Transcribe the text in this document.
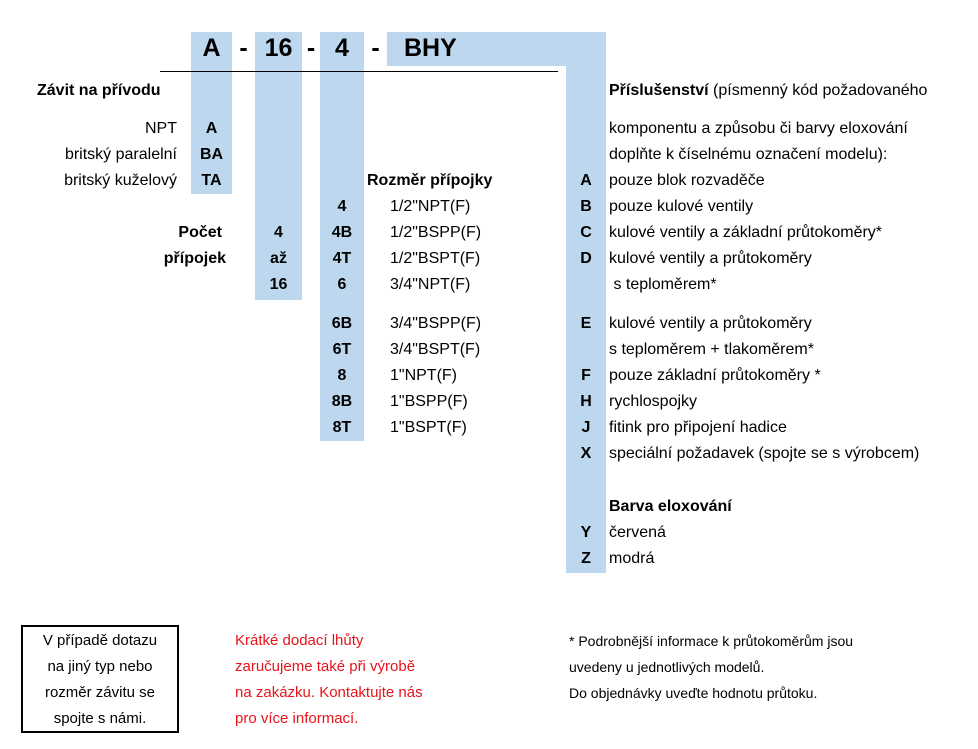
A - 16 - 4 - BHY
Závit na přívodu
NPT	A
britský paralelní	BA
britský kuželový	TA
Počet
přípojek
4
až
16
Rozměr přípojky
4	1/2"NPT(F)
4B	1/2"BSPP(F)
4T	1/2"BSPT(F)
6	3/4"NPT(F)
6B	3/4"BSPP(F)
6T	3/4"BSPT(F)
8	1"NPT(F)
8B	1"BSPP(F)
8T	1"BSPT(F)
Příslušenství (písmenný kód požadovaného
komponentu a způsobu či barvy eloxování
doplňte k číselnému označení modelu):
A	pouze blok rozvaděče
B	pouze kulové ventily
C	kulové ventily a základní průtokoměry*
D	kulové ventily a průtokoměry
s teploměrem*
E	kulové ventily a průtokoměry
s teploměrem + tlakoměrem*
F	pouze základní průtokoměry *
H	rychlospojky
J	fitink pro připojení hadice
X	speciální požadavek (spojte se s výrobcem)
Barva eloxování
Y	červená
Z	modrá
V případě dotazu
na jiný typ nebo
rozměr závitu se
spojte s námi.
Krátké dodací lhůty
zaručujeme také při výrobě
na zakázku. Kontaktujte nás
pro více informací.
* Podrobnější informace k průtokoměrům jsou
uvedeny u jednotlivých modelů.
Do objednávky uveďte hodnotu průtoku.
